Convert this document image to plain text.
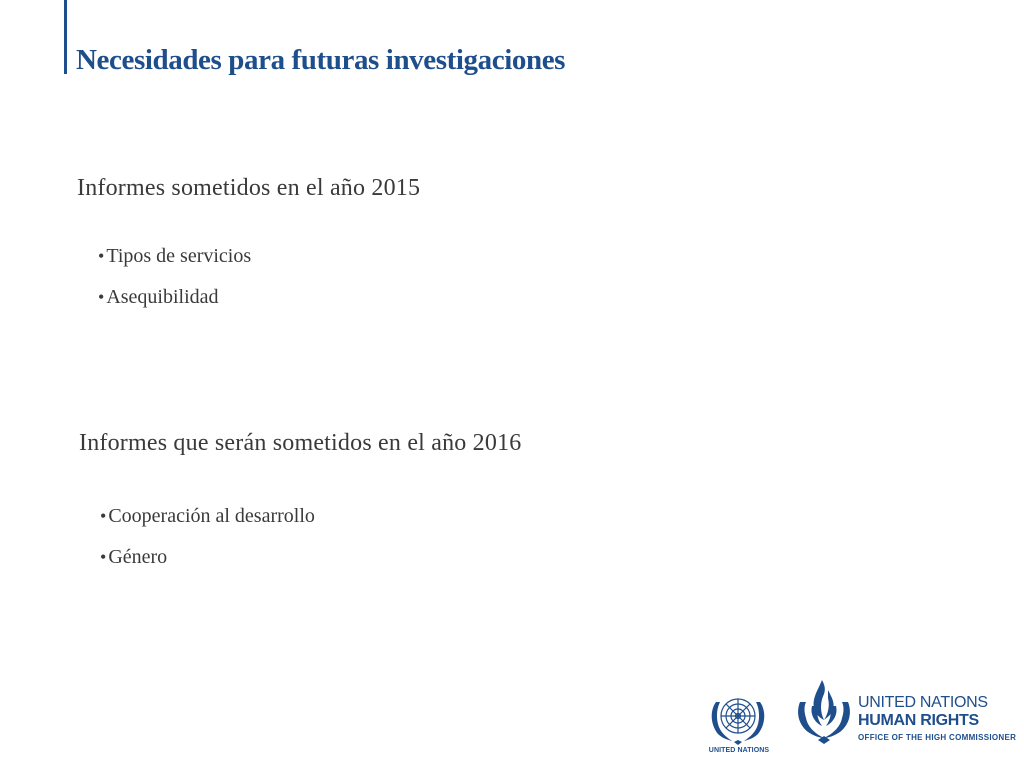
Necesidades para futuras investigaciones
Informes sometidos en el año 2015
• Tipos de servicios
• Asequibilidad
Informes que serán sometidos en el año 2016
• Cooperación al desarrollo
• Género
UNITED NATIONS
UNITED NATIONS
HUMAN RIGHTS
OFFICE OF THE HIGH COMMISSIONER
